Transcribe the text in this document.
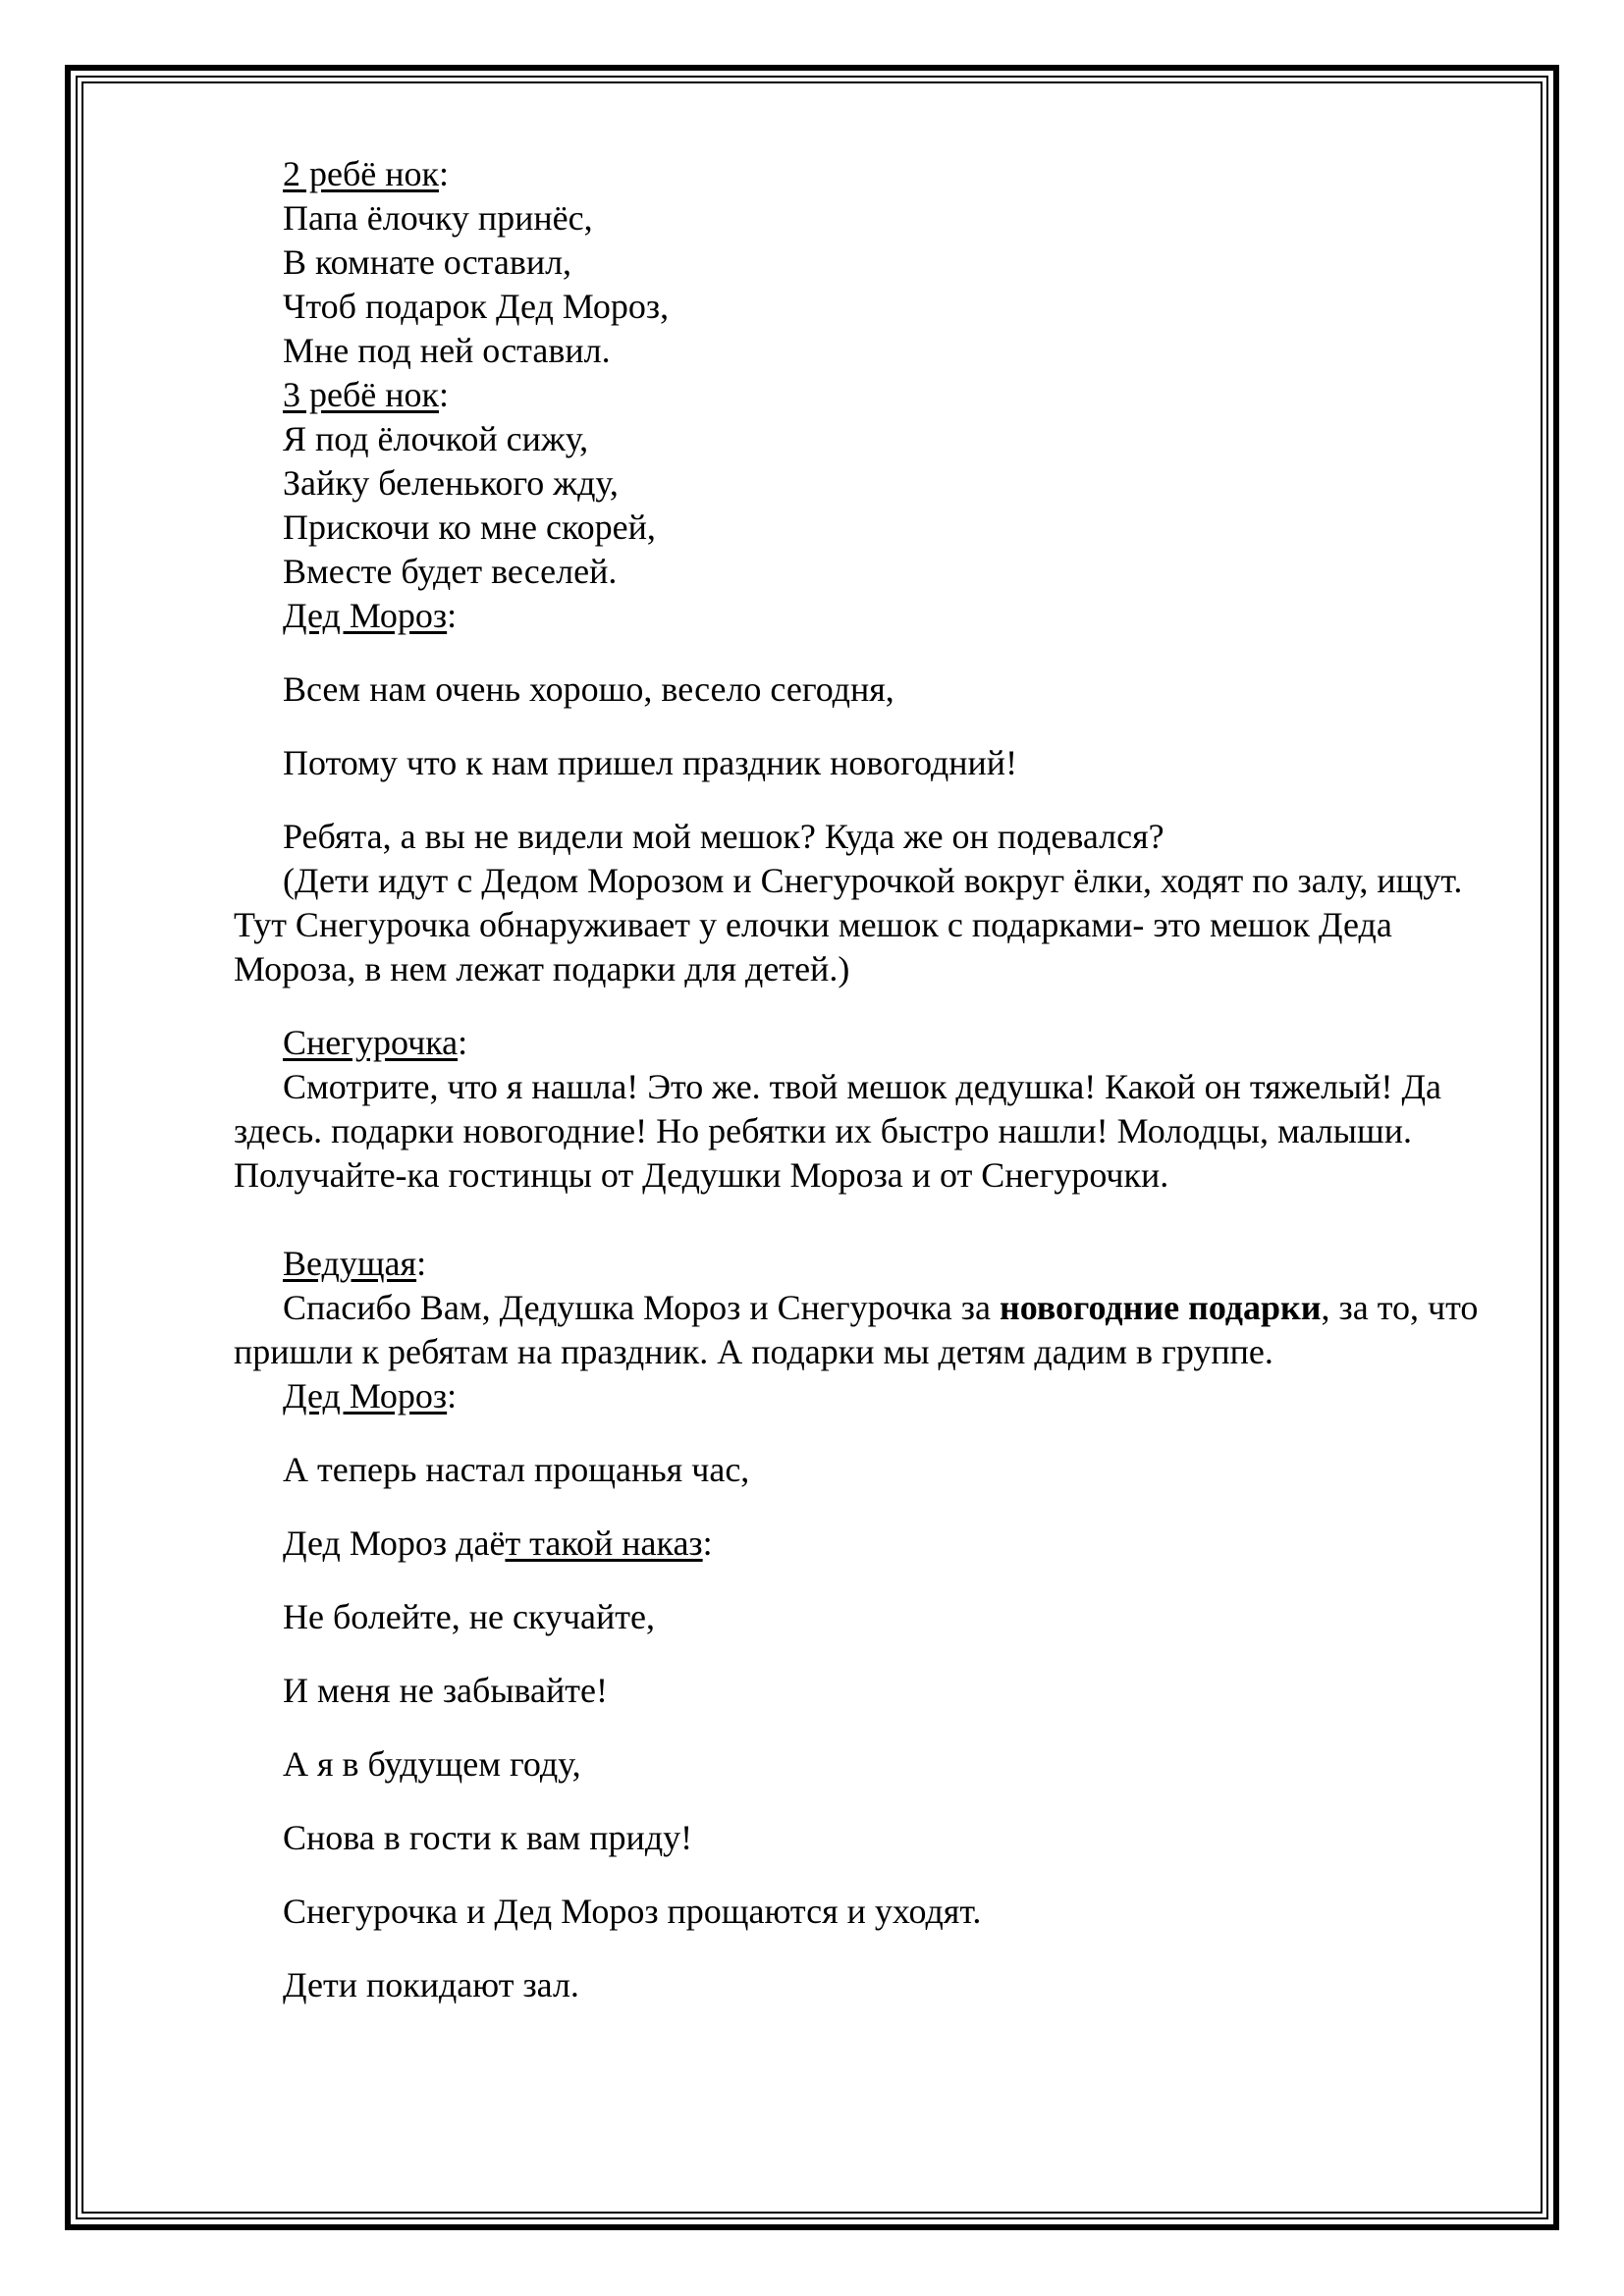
2 ребё нок:
Папа ёлочку принёс,
В комнате оставил,
Чтоб подарок Дед Мороз,
Мне под ней оставил.
3 ребё нок:
Я под ёлочкой сижу,
Зайку беленького жду,
Прискочи ко мне скорей,
Вместе будет веселей.
Дед Мороз:
Всем нам очень хорошо, весело сегодня,
Потому что к нам пришел праздник новогодний!
Ребята, а вы не видели мой мешок? Куда же он подевался?

(Дети идут с Дедом Морозом и Снегурочкой вокруг ёлки, ходят по залу, ищут. Тут Снегурочка обнаруживает у елочки мешок с подарками- это мешок Деда Мороза, в нем лежат подарки для детей.)

Снегурочка:

Смотрите, что я нашла! Это же. твой мешок дедушка! Какой он тяжелый! Да здесь. подарки новогодние! Но ребятки их быстро нашли! Молодцы, малыши. Получайте-ка гостинцы от Дедушки Мороза и от Снегурочки.

Ведущая:

Спасибо Вам, Дедушка Мороз и Снегурочка за новогодние подарки, за то, что пришли к ребятам на праздник. А подарки мы детям дадим в группе.

Дед Мороз:
А теперь настал прощанья час,
Дед Мороз даёт такой наказ:
Не болейте, не скучайте,
И меня не забывайте!
А я в будущем году,
Снова в гости к вам приду!
Снегурочка и Дед Мороз прощаются и уходят.
Дети покидают зал.
